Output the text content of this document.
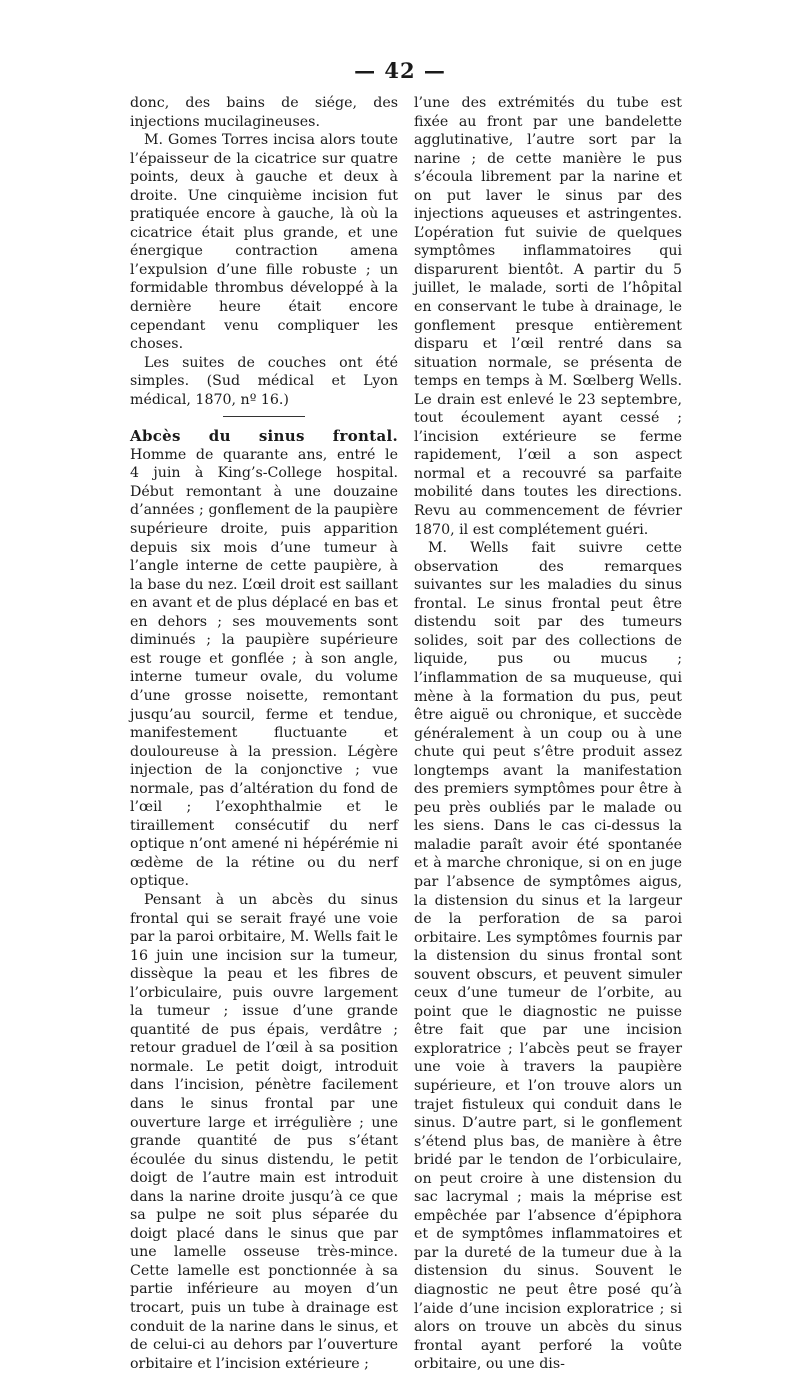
— 42 —

donc, des bains de siége, des injections mucilagineuses.

M. Gomes Torres incisa alors toute l’épaisseur de la cicatrice sur quatre points, deux à gauche et deux à droite. Une cinquième incision fut pratiquée encore à gauche, là où la cicatrice était plus grande, et une énergique contraction amena l’expulsion d’une fille robuste ; un formidable thrombus développé à la dernière heure était encore cependant venu compliquer les choses.

Les suites de couches ont été simples. (Sud médical et Lyon médical, 1870, nº 16.)

Abcès du sinus frontal.

Homme de quarante ans, entré le

4 juin à King’s-College hospital. Début remontant à une douzaine d’années ; gonflement de la paupière supérieure droite, puis apparition depuis six mois d’une tumeur à l’angle interne de cette paupière, à la base du nez. L’œil droit est saillant en avant et de plus déplacé en bas et en dehors ; ses mouvements sont diminués ; la paupière supérieure est rouge et gonflée ; à son angle, interne tumeur ovale, du volume d’une grosse noisette, remontant jusqu’au sourcil, ferme et tendue, manifestement fluctuante et douloureuse à la pression. Légère injection de la conjonctive ; vue normale, pas d’altération du fond de l’œil ; l’exophthalmie et le tiraillement consécutif du nerf optique n’ont amené ni hépérémie ni œdème de la rétine ou du nerf optique.

Pensant à un abcès du sinus frontal qui se serait frayé une voie par la paroi orbitaire, M. Wells fait le 16 juin une incision sur la tumeur, dissèque la peau et les fibres de l’orbiculaire, puis ouvre largement la tumeur ; issue d’une grande quantité de pus épais, verdâtre ; retour graduel de l’œil à sa position normale. Le petit doigt, introduit dans l’incision, pénètre facilement dans le sinus frontal par une ouverture large et irrégulière ; une grande quantité de pus s’étant écoulée du sinus distendu, le petit doigt de l’autre main est introduit dans la narine droite jusqu’à ce que sa pulpe ne soit plus séparée du doigt placé dans le sinus que par une lamelle osseuse très-mince. Cette lamelle est ponctionnée à sa partie inférieure au moyen d’un trocart, puis un tube à drainage est conduit de la narine dans le sinus, et de celui-ci au dehors par l’ouverture orbitaire et l’incision extérieure ;

l’une des extrémités du tube est fixée au front par une bandelette agglutinative, l’autre sort par la narine ; de cette manière le pus s’écoula librement par la narine et on put laver le sinus par des injections aqueuses et astringentes. L’opération fut suivie de quelques symptômes inflammatoires qui disparurent bientôt. A partir du 5 juillet, le malade, sorti de l’hôpital en conservant le tube à drainage, le gonflement presque entièrement disparu et l’œil rentré dans sa situation normale, se présenta de temps en temps à M. Sœlberg Wells. Le drain est enlevé le 23 septembre, tout écoulement ayant cessé ; l’incision extérieure se ferme rapidement, l’œil a son aspect normal et a recouvré sa parfaite mobilité dans toutes les directions. Revu au commencement de février 1870, il est complétement guéri.

M. Wells fait suivre cette observation des remarques suivantes sur les maladies du sinus frontal. Le sinus frontal peut être distendu soit par des tumeurs solides, soit par des collections de liquide, pus ou mucus ; l’inflammation de sa muqueuse, qui mène à la formation du pus, peut être aiguë ou chronique, et succède généralement à un coup ou à une chute qui peut s’être produit assez longtemps avant la manifestation des premiers symptômes pour être à peu près oubliés par le malade ou les siens. Dans le cas ci-dessus la maladie paraît avoir été spontanée et à marche chronique, si on en juge par l’absence de symptômes aigus, la distension du sinus et la largeur de la perforation de sa paroi orbitaire. Les symptômes fournis par la distension du sinus frontal sont souvent obscurs, et peuvent simuler ceux d’une tumeur de l’orbite, au point que le diagnostic ne puisse être fait que par une incision exploratrice ; l’abcès peut se frayer une voie à travers la paupière supérieure, et l’on trouve alors un trajet fistuleux qui conduit dans le sinus. D’autre part, si le gonflement s’étend plus bas, de manière à être bridé par le tendon de l’orbiculaire, on peut croire à une distension du sac lacrymal ; mais la méprise est empêchée par l’absence d’épiphora et de symptômes inflammatoires et par la dureté de la tumeur due à la distension du sinus. Souvent le diagnostic ne peut être posé qu’à l’aide d’une incision exploratrice ; si alors on trouve un abcès du sinus frontal ayant perforé la voûte orbitaire, ou une dis-
